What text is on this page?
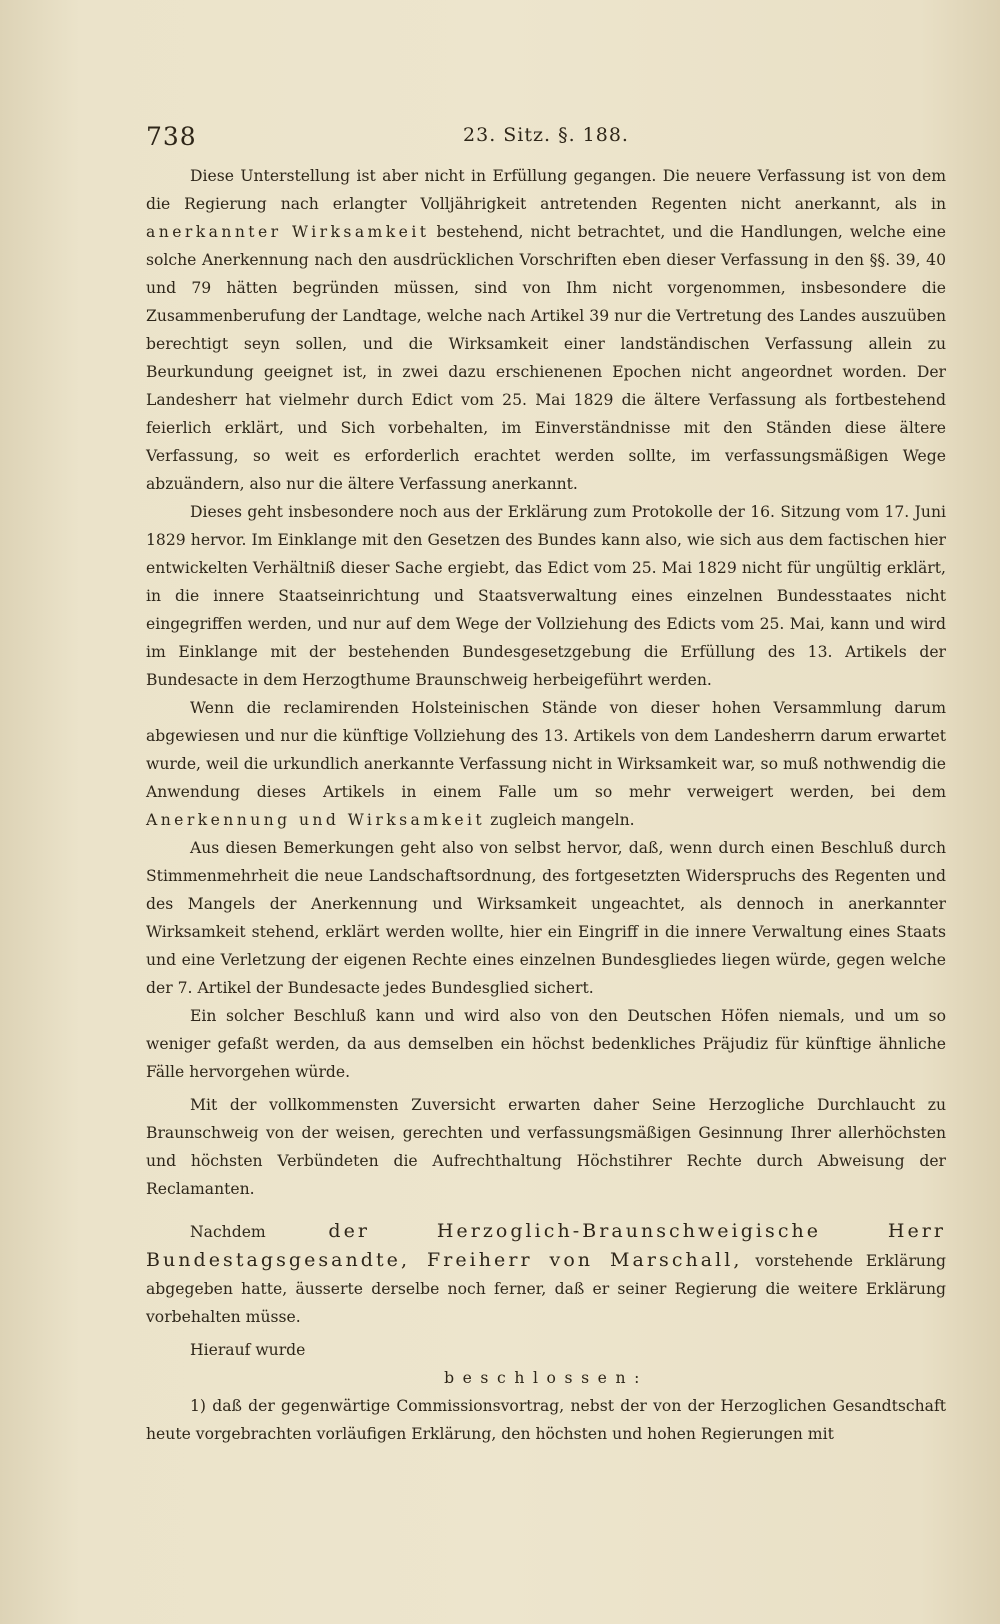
738	23. Sitz. §. 188.

Diese Unterstellung ist aber nicht in Erfüllung gegangen. Die neuere Verfassung ist von dem die Regierung nach erlangter Volljährigkeit antretenden Regenten nicht anerkannt, als in anerkannter Wirksamkeit bestehend, nicht betrachtet, und die Handlungen, welche eine solche Anerkennung nach den ausdrücklichen Vorschriften eben dieser Verfassung in den §§. 39, 40 und 79 hätten begründen müssen, sind von Ihm nicht vorgenommen, insbesondere die Zusammenberufung der Landtage, welche nach Artikel 39 nur die Vertretung des Landes auszuüben berechtigt seyn sollen, und die Wirksamkeit einer landständischen Verfassung allein zu Beurkundung geeignet ist, in zwei dazu erschienenen Epochen nicht angeordnet worden. Der Landesherr hat vielmehr durch Edict vom 25. Mai 1829 die ältere Verfassung als fortbestehend feierlich erklärt, und Sich vorbehalten, im Einverständnisse mit den Ständen diese ältere Verfassung, so weit es erforderlich erachtet werden sollte, im verfassungsmäßigen Wege abzuändern, also nur die ältere Verfassung anerkannt.

Dieses geht insbesondere noch aus der Erklärung zum Protokolle der 16. Sitzung vom 17. Juni 1829 hervor. Im Einklange mit den Gesetzen des Bundes kann also, wie sich aus dem factischen hier entwickelten Verhältniß dieser Sache ergiebt, das Edict vom 25. Mai 1829 nicht für ungültig erklärt, in die innere Staatseinrichtung und Staatsverwaltung eines einzelnen Bundesstaates nicht eingegriffen werden, und nur auf dem Wege der Vollziehung des Edicts vom 25. Mai, kann und wird im Einklange mit der bestehenden Bundesgesetzgebung die Erfüllung des 13. Artikels der Bundesacte in dem Herzogthume Braunschweig herbeigeführt werden.

Wenn die reclamirenden Holsteinischen Stände von dieser hohen Versammlung darum abgewiesen und nur die künftige Vollziehung des 13. Artikels von dem Landesherrn darum erwartet wurde, weil die urkundlich anerkannte Verfassung nicht in Wirksamkeit war, so muß nothwendig die Anwendung dieses Artikels in einem Falle um so mehr verweigert werden, bei dem Anerkennung und Wirksamkeit zugleich mangeln.

Aus diesen Bemerkungen geht also von selbst hervor, daß, wenn durch einen Beschluß durch Stimmenmehrheit die neue Landschaftsordnung, des fortgesetzten Widerspruchs des Regenten und des Mangels der Anerkennung und Wirksamkeit ungeachtet, als dennoch in anerkannter Wirksamkeit stehend, erklärt werden wollte, hier ein Eingriff in die innere Verwaltung eines Staats und eine Verletzung der eigenen Rechte eines einzelnen Bundesgliedes liegen würde, gegen welche der 7. Artikel der Bundesacte jedes Bundesglied sichert.

Ein solcher Beschluß kann und wird also von den Deutschen Höfen niemals, und um so weniger gefaßt werden, da aus demselben ein höchst bedenkliches Präjudiz für künftige ähnliche Fälle hervorgehen würde.

Mit der vollkommensten Zuversicht erwarten daher Seine Herzogliche Durchlaucht zu Braunschweig von der weisen, gerechten und verfassungsmäßigen Gesinnung Ihrer allerhöchsten und höchsten Verbündeten die Aufrechthaltung Höchstihrer Rechte durch Abweisung der Reclamanten.

Nachdem	der Herzoglich-Braunschweigische Herr Bundestagsgesandte, Freiherr von Marschall, vorstehende Erklärung abgegeben hatte, äusserte derselbe noch ferner, daß er seiner Regierung die weitere Erklärung vorbehalten müsse.

Hierauf wurde

beschlossen:

1) daß der gegenwärtige Commissionsvortrag, nebst der von der Herzoglichen Gesandtschaft heute vorgebrachten vorläufigen Erklärung, den höchsten und hohen Regierungen mit
